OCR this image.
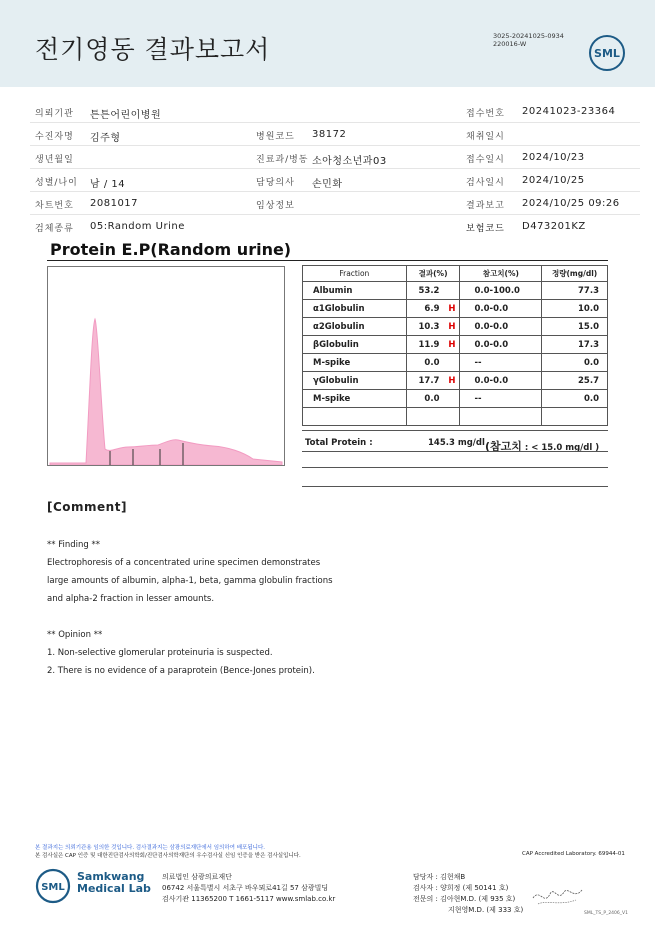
전기영동 결과보고서	3025-20241025-0934
220016-W
SML
의뢰기관 튼튼어린이병원	접수번호 20241023-23364
수진자명 김주형	병원코드 38172	채취일시
생년월일	진료과/병동 소아청소년과03	접수일시 2024/10/23
성별/나이 남 / 14	담당의사 손민화	검사일시 2024/10/25
차트번호 2081017	임상정보	결과보고 2024/10/25 09:26
검체종류 05:Random Urine	보험코드 D473201KZ
Protein E.P(Random urine)
Fraction	결과(%)	참고치(%)	정량(mg/dl)
Albumin	53.2	0.0-100.0	77.3
α1Globulin	6.9 H	0.0-0.0	10.0
α2Globulin	10.3 H	0.0-0.0	15.0
βGlobulin	11.9 H	0.0-0.0	17.3
M-spike	0.0	--	0.0
γGlobulin	17.7 H	0.0-0.0	25.7
M-spike	0.0	--	0.0

Total Protein :	145.3 mg/dl (참고치 : < 15.0 mg/dl )
[Comment]
** Finding **
Electrophoresis of a concentrated urine specimen demonstrates
large amounts of albumin, alpha-1, beta, gamma globulin fractions
and alpha-2 fraction in lesser amounts.
** Opinion **
1. Non-selective glomerular proteinuria is suspected.
2. There is no evidence of a paraprotein (Bence-Jones protein).
본 결과지는 의뢰기관용 임의한 것입니다. 검사결과지는 삼광의료재단에서 임의하여 배포됩니다.
본 검사실은 CAP 인증 및 대한진단검사의학회/진단검사의학재단의 우수검사실 신임 인증을 받은 검사실입니다.	CAP Accredited Laboratory. 69944-01
SML
Samkwang
Medical Lab
의료법인 삼광의료재단
06742 서울특별시 서초구 바우뫼로41길 57 삼광빌딩
검사기관 11365200 T 1661-5117 www.smlab.co.kr
담당자 : 김현채B
검사자 : 양희정 (제 50141 호)
전문의 : 김아현M.D. (제 935 호)
지현영M.D. (제 333 호)	SML_TS_P_2406_V1
